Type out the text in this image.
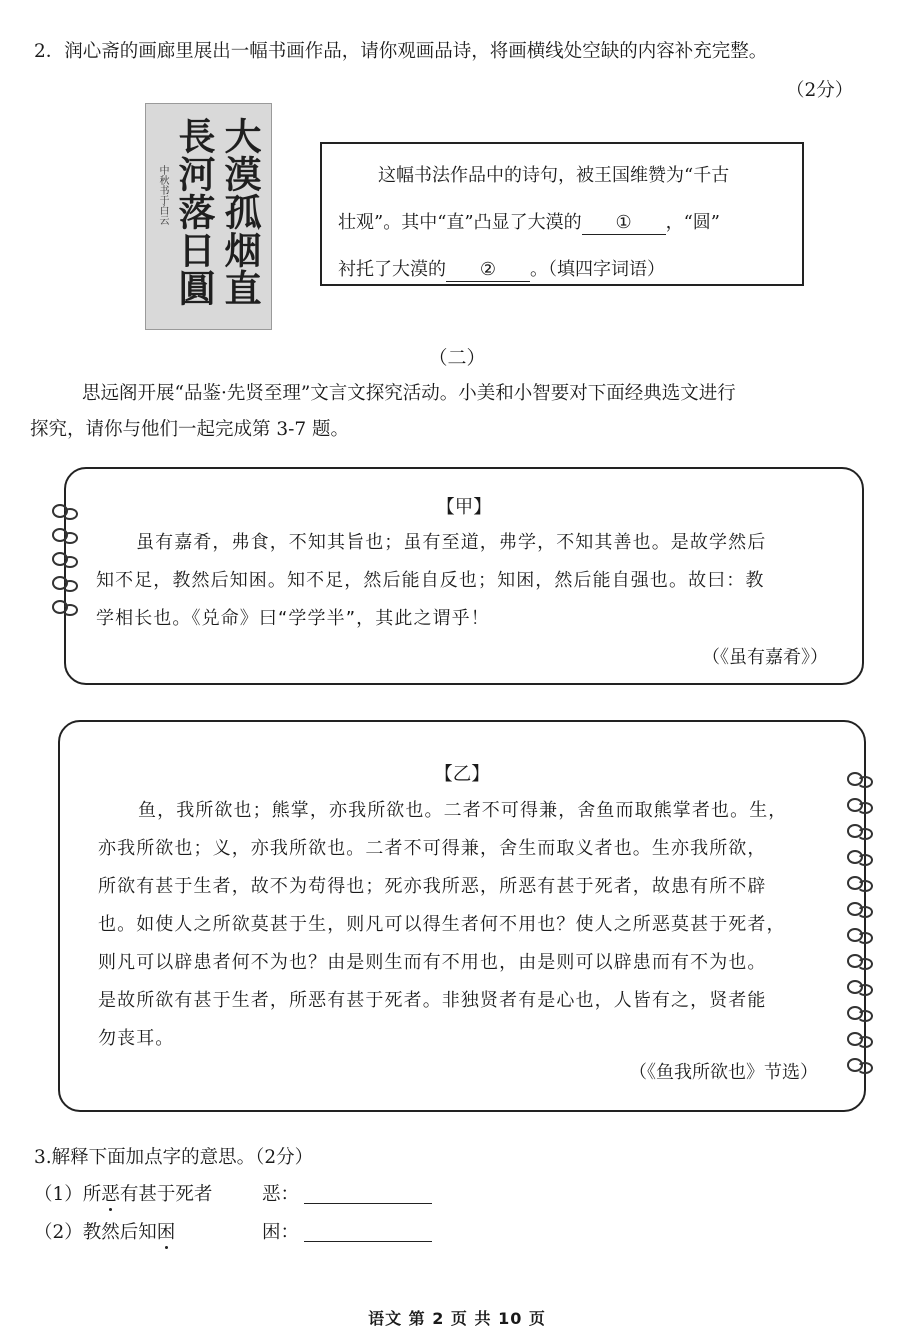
2．润心斋的画廊里展出一幅书画作品，请你观画品诗，将画横线处空缺的内容补充完整。
（2分）
大漠孤烟直
長河落日圓
中秋书于白云	这幅书法作品中的诗句，被王国维赞为“千古
壮观”。其中“直”凸显了大漠的 ① ，“圆”
衬托了大漠的 ② 。（填四字词语）
（二）
思远阁开展“品鉴·先贤至理”文言文探究活动。小美和小智要对下面经典选文进行
探究，请你与他们一起完成第 3-7 题。
【甲】
虽有嘉肴，弗食，不知其旨也；虽有至道，弗学，不知其善也。是故学然后
知不足，教然后知困。知不足，然后能自反也；知困，然后能自强也。故曰：教
学相长也。《兑命》曰“学学半”，其此之谓乎！
（《虽有嘉肴》）
【乙】
鱼，我所欲也；熊掌，亦我所欲也。二者不可得兼，舍鱼而取熊掌者也。生，
亦我所欲也；义，亦我所欲也。二者不可得兼，舍生而取义者也。生亦我所欲，
所欲有甚于生者，故不为苟得也；死亦我所恶，所恶有甚于死者，故患有所不辟
也。如使人之所欲莫甚于生，则凡可以得生者何不用也？使人之所恶莫甚于死者，
则凡可以辟患者何不为也？由是则生而有不用也，由是则可以辟患而有不为也。
是故所欲有甚于生者，所恶有甚于死者。非独贤者有是心也，人皆有之，贤者能
勿丧耳。
（《鱼我所欲也》节选）
3.解释下面加点字的意思。（2分）
（1）所恶有甚于死者	恶：
（2）教然后知困	困：
语文 第 2 页 共 10 页
